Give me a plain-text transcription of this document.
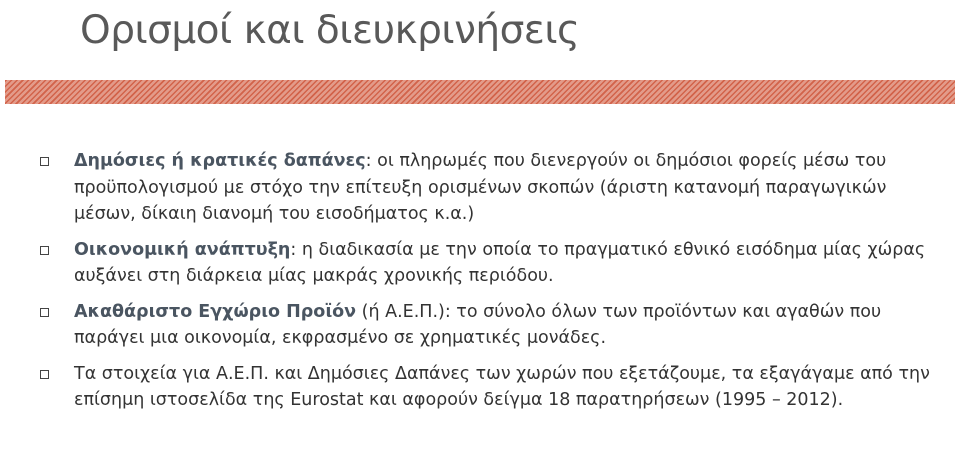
Ορισμοί και διευκρινήσεις
Δημόσιες ή κρατικές δαπάνες: οι πληρωμές που διενεργούν οι δημόσιοι φορείς μέσω του προϋπολογισμού με στόχο την επίτευξη ορισμένων σκοπών (άριστη κατανομή παραγωγικών μέσων, δίκαιη διανομή του εισοδήματος κ.α.)
Οικονομική ανάπτυξη: η διαδικασία με την οποία το πραγματικό εθνικό εισόδημα μίας χώρας αυξάνει στη διάρκεια μίας μακράς χρονικής περιόδου.
Ακαθάριστο Εγχώριο Προϊόν (ή Α.Ε.Π.): το σύνολο όλων των προϊόντων και αγαθών που παράγει μια οικονομία, εκφρασμένο σε χρηματικές μονάδες.
Τα στοιχεία για Α.Ε.Π. και Δημόσιες Δαπάνες των χωρών που εξετάζουμε, τα εξαγάγαμε από την επίσημη ιστοσελίδα της Eurostat και αφορούν δείγμα 18 παρατηρήσεων (1995 – 2012).
